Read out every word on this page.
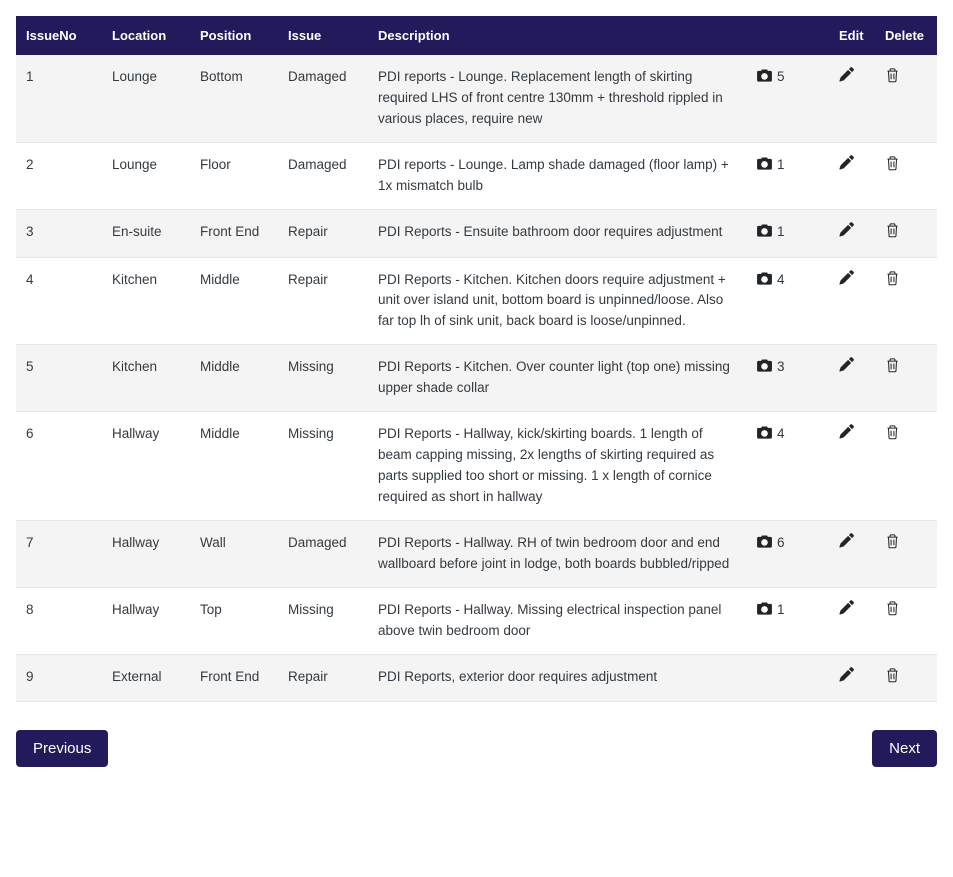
IssueNo	Location	Position	Issue	Description		Edit	Delete
1	Lounge	Bottom	Damaged	PDI reports - Lounge. Replacement length of skirting required LHS of front centre 130mm + threshold rippled in various places, require new	5		
2	Lounge	Floor	Damaged	PDI reports - Lounge. Lamp shade damaged (floor lamp) + 1x mismatch bulb	1		
3	En-suite	Front End	Repair	PDI Reports - Ensuite bathroom door requires adjustment	1		
4	Kitchen	Middle	Repair	PDI Reports - Kitchen. Kitchen doors require adjustment + unit over island unit, bottom board is unpinned/loose. Also far top lh of sink unit, back board is loose/unpinned.	4		
5	Kitchen	Middle	Missing	PDI Reports - Kitchen. Over counter light (top one) missing upper shade collar	3		
6	Hallway	Middle	Missing	PDI Reports - Hallway, kick/skirting boards. 1 length of beam capping missing, 2x lengths of skirting required as parts supplied too short or missing. 1 x length of cornice required as short in hallway	4		
7	Hallway	Wall	Damaged	PDI Reports - Hallway. RH of twin bedroom door and end wallboard before joint in lodge, both boards bubbled/ripped	6		
8	Hallway	Top	Missing	PDI Reports - Hallway. Missing electrical inspection panel above twin bedroom door	1		
9	External	Front End	Repair	PDI Reports, exterior door requires adjustment			
Previous	Next
